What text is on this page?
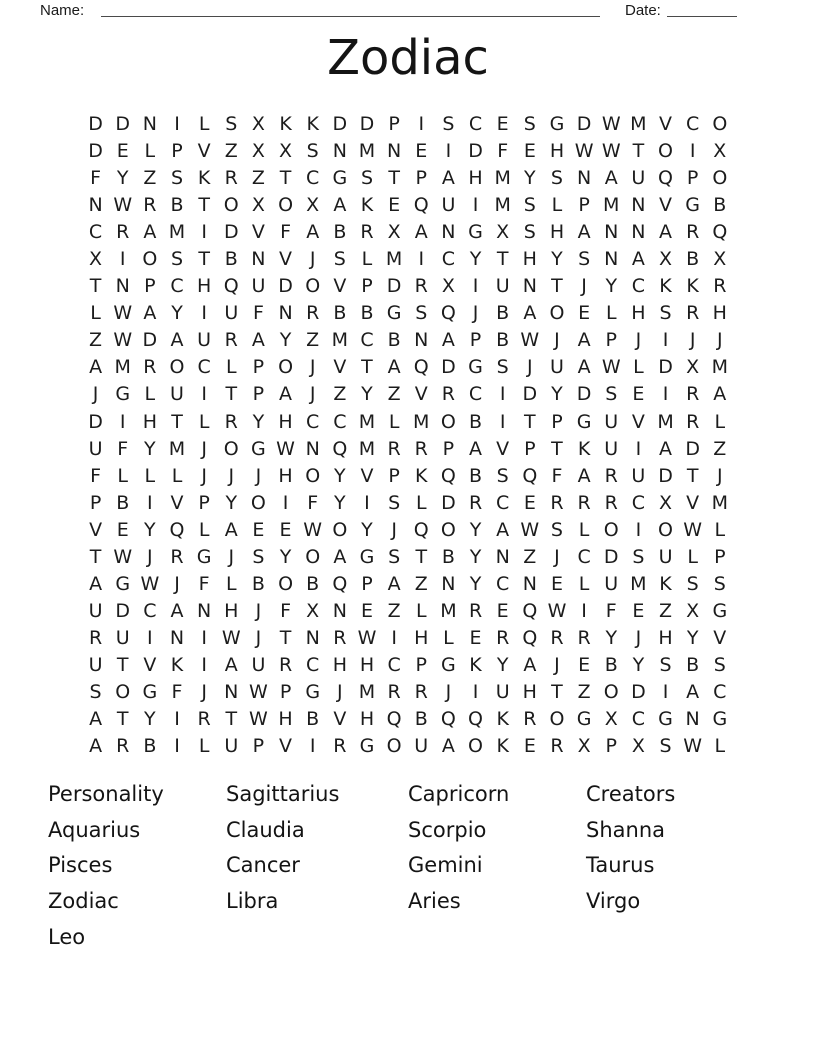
Name:	Date:
Zodiac
D D N I	L S X K K D D P I S C E S G D W M V C O
D E L P V Z X X S N M N E I D F E H W W T O I X
F Y Z S K R Z T C G S T P A H M Y S N A U Q P O
N W R B T O X O X A K E Q U I M S L P M N V G B
C R A M I D V F A B R X A N G X S H A N N A R Q
X I O S T B N V J S L M I C Y T H Y S N A X B X
T N P C H Q U D O V P D R X I U N T J Y C K K R
L W A Y I U F N R B B G S Q J B A O E L H S R H
Z W D A U R A Y Z M C B N A P B W J A P J	I	J	J
A M R O C L P O J V T A Q D G S J U A W L D X M
J G L U I T P A J Z Y Z V R C I D Y D S E I R A
D I H T L R Y H C C M L M O B I T P G U V M R L
U F Y M J O G W N Q M R R P A V P T K U I A D Z
F L L L	J	J	J H O Y V P K Q B S Q F A R U D T J
P B I V P Y O I F Y I S L D R C E R R R C X V M
V E Y Q L A E E W O Y J Q O Y A W S L O I O W L
T W J R G J S Y O A G S T B Y N Z J C D S U L P
A G W J F L B O B Q P A Z N Y C N E L U M K S S
U D C A N H J F X N E Z L M R E Q W I F E Z X G
R U I N I W J T N R W I H L E R Q R R Y J H Y V
U T V K I A U R C H H C P G K Y A J E B Y S B S
S O G F J N W P G J M R R J	I U H T Z O D I A C
A T Y I R T W H B V H Q B Q Q K R O G X C G N G
A R B I	L U P V I R G O U A O K E R X P X S W L
Personality
Aquarius
Pisces
Zodiac
Leo
Sagittarius
Claudia
Cancer
Libra
Capricorn
Scorpio
Gemini
Aries
Creators
Shanna
Taurus
Virgo
